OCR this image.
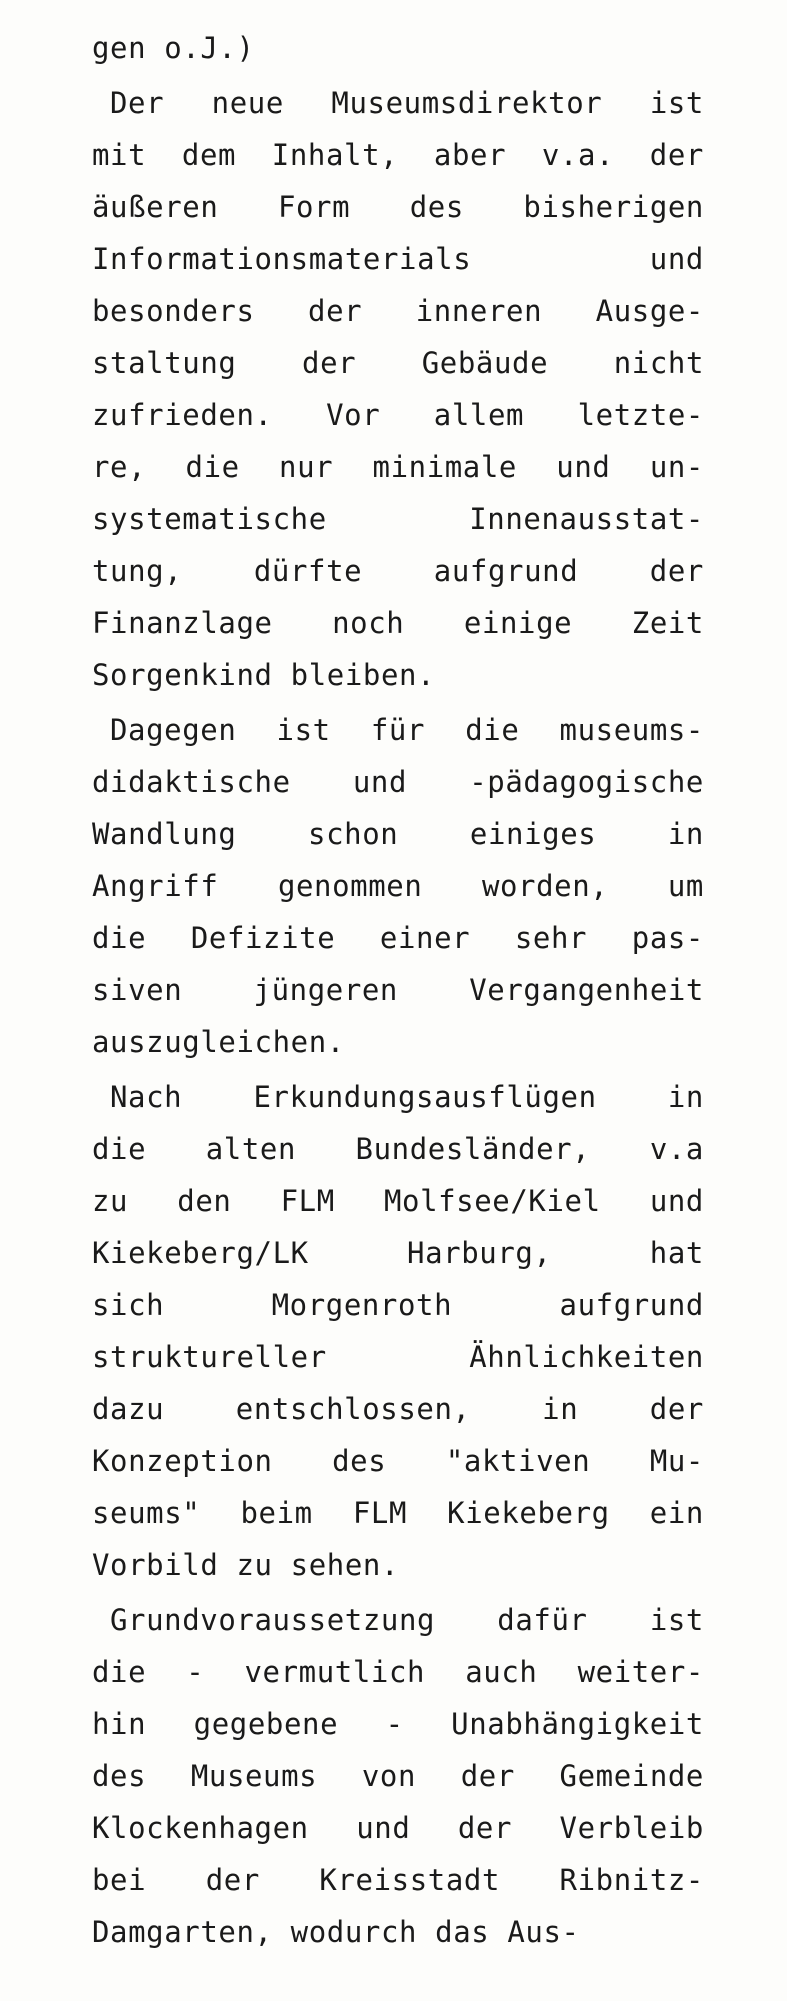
gen o.J.)
Der neue Museumsdirektor ist
mit dem Inhalt, aber v.a. der
äußeren Form des bisherigen
Informationsmaterials und
besonders der inneren Ausge-
staltung der Gebäude nicht
zufrieden. Vor allem letzte-
re, die nur minimale und un-
systematische Innenausstat-
tung, dürfte aufgrund der
Finanzlage noch einige Zeit
Sorgenkind bleiben.
Dagegen ist für die museums-
didaktische und -pädagogische
Wandlung schon einiges in
Angriff genommen worden, um
die Defizite einer sehr pas-
siven jüngeren Vergangenheit
auszugleichen.
Nach Erkundungsausflügen in
die alten Bundesländer, v.a
zu den FLM Molfsee/Kiel und
Kiekeberg/LK Harburg, hat
sich Morgenroth aufgrund
struktureller Ähnlichkeiten
dazu entschlossen, in der
Konzeption des "aktiven Mu-
seums" beim FLM Kiekeberg ein
Vorbild zu sehen.
Grundvoraussetzung dafür ist
die - vermutlich auch weiter-
hin gegebene - Unabhängigkeit
des Museums von der Gemeinde
Klockenhagen und der Verbleib
bei der Kreisstadt Ribnitz-
Damgarten, wodurch das Aus-
